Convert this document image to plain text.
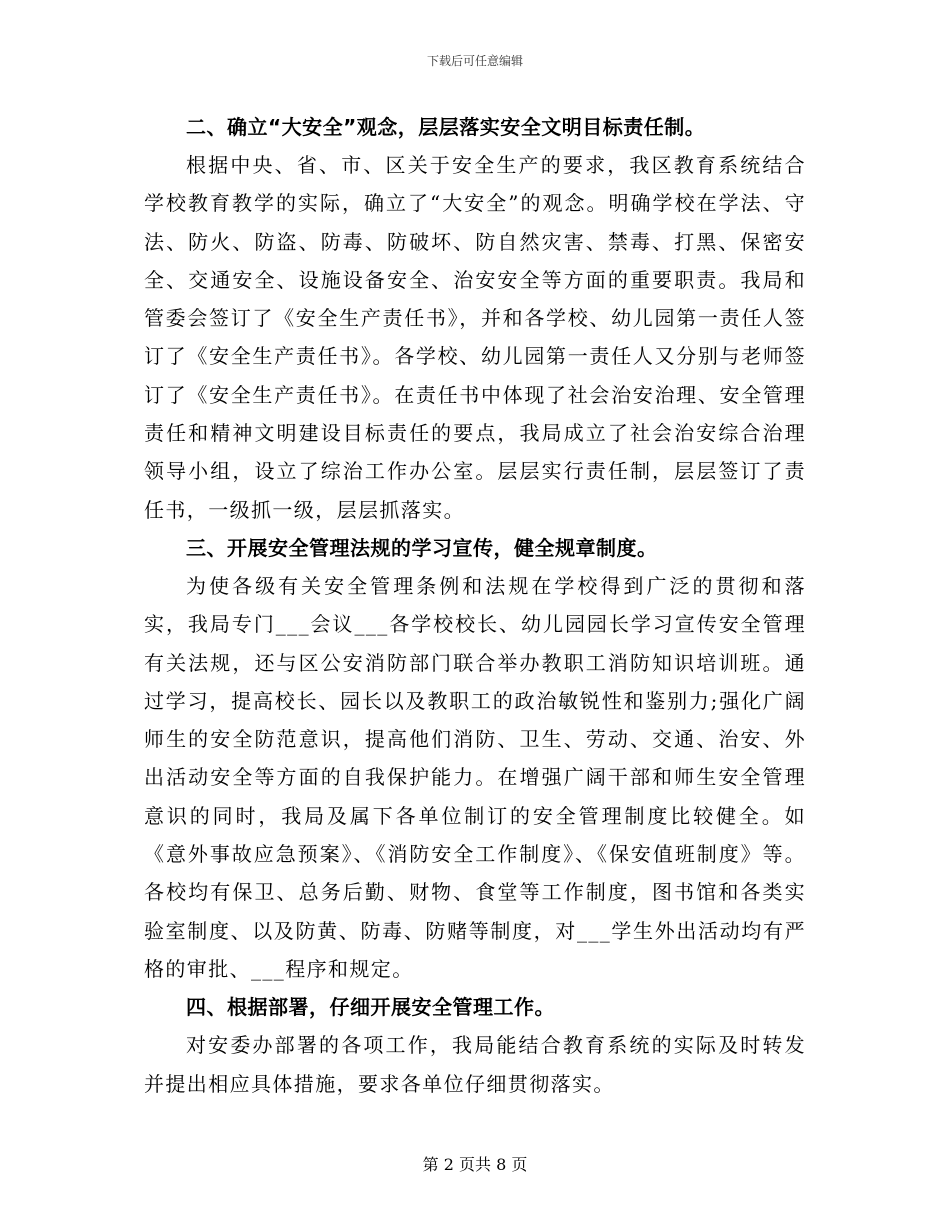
下载后可任意编辑
二、确立“大安全”观念，层层落实安全文明目标责任制。

根据中央、省、市、区关于安全生产的要求，我区教育系统结合学校教育教学的实际，确立了“大安全”的观念。明确学校在学法、守法、防火、防盗、防毒、防破坏、防自然灾害、禁毒、打黑、保密安全、交通安全、设施设备安全、治安安全等方面的重要职责。我局和管委会签订了《安全生产责任书》，并和各学校、幼儿园第一责任人签订了《安全生产责任书》。各学校、幼儿园第一责任人又分别与老师签订了《安全生产责任书》。在责任书中体现了社会治安治理、安全管理责任和精神文明建设目标责任的要点，我局成立了社会治安综合治理领导小组，设立了综治工作办公室。层层实行责任制，层层签订了责任书，一级抓一级，层层抓落实。

三、开展安全管理法规的学习宣传，健全规章制度。

为使各级有关安全管理条例和法规在学校得到广泛的贯彻和落实，我局专门___会议___各学校校长、幼儿园园长学习宣传安全管理有关法规，还与区公安消防部门联合举办教职工消防知识培训班。通过学习，提高校长、园长以及教职工的政治敏锐性和鉴别力;强化广阔师生的安全防范意识，提高他们消防、卫生、劳动、交通、治安、外出活动安全等方面的自我保护能力。在增强广阔干部和师生安全管理意识的同时，我局及属下各单位制订的安全管理制度比较健全。如《意外事故应急预案》、《消防安全工作制度》、《保安值班制度》等。各校均有保卫、总务后勤、财物、食堂等工作制度，图书馆和各类实验室制度、以及防黄、防毒、防赌等制度，对___学生外出活动均有严格的审批、___程序和规定。

四、根据部署，仔细开展安全管理工作。

对安委办部署的各项工作，我局能结合教育系统的实际及时转发并提出相应具体措施，要求各单位仔细贯彻落实。

第 2 页共 8 页
